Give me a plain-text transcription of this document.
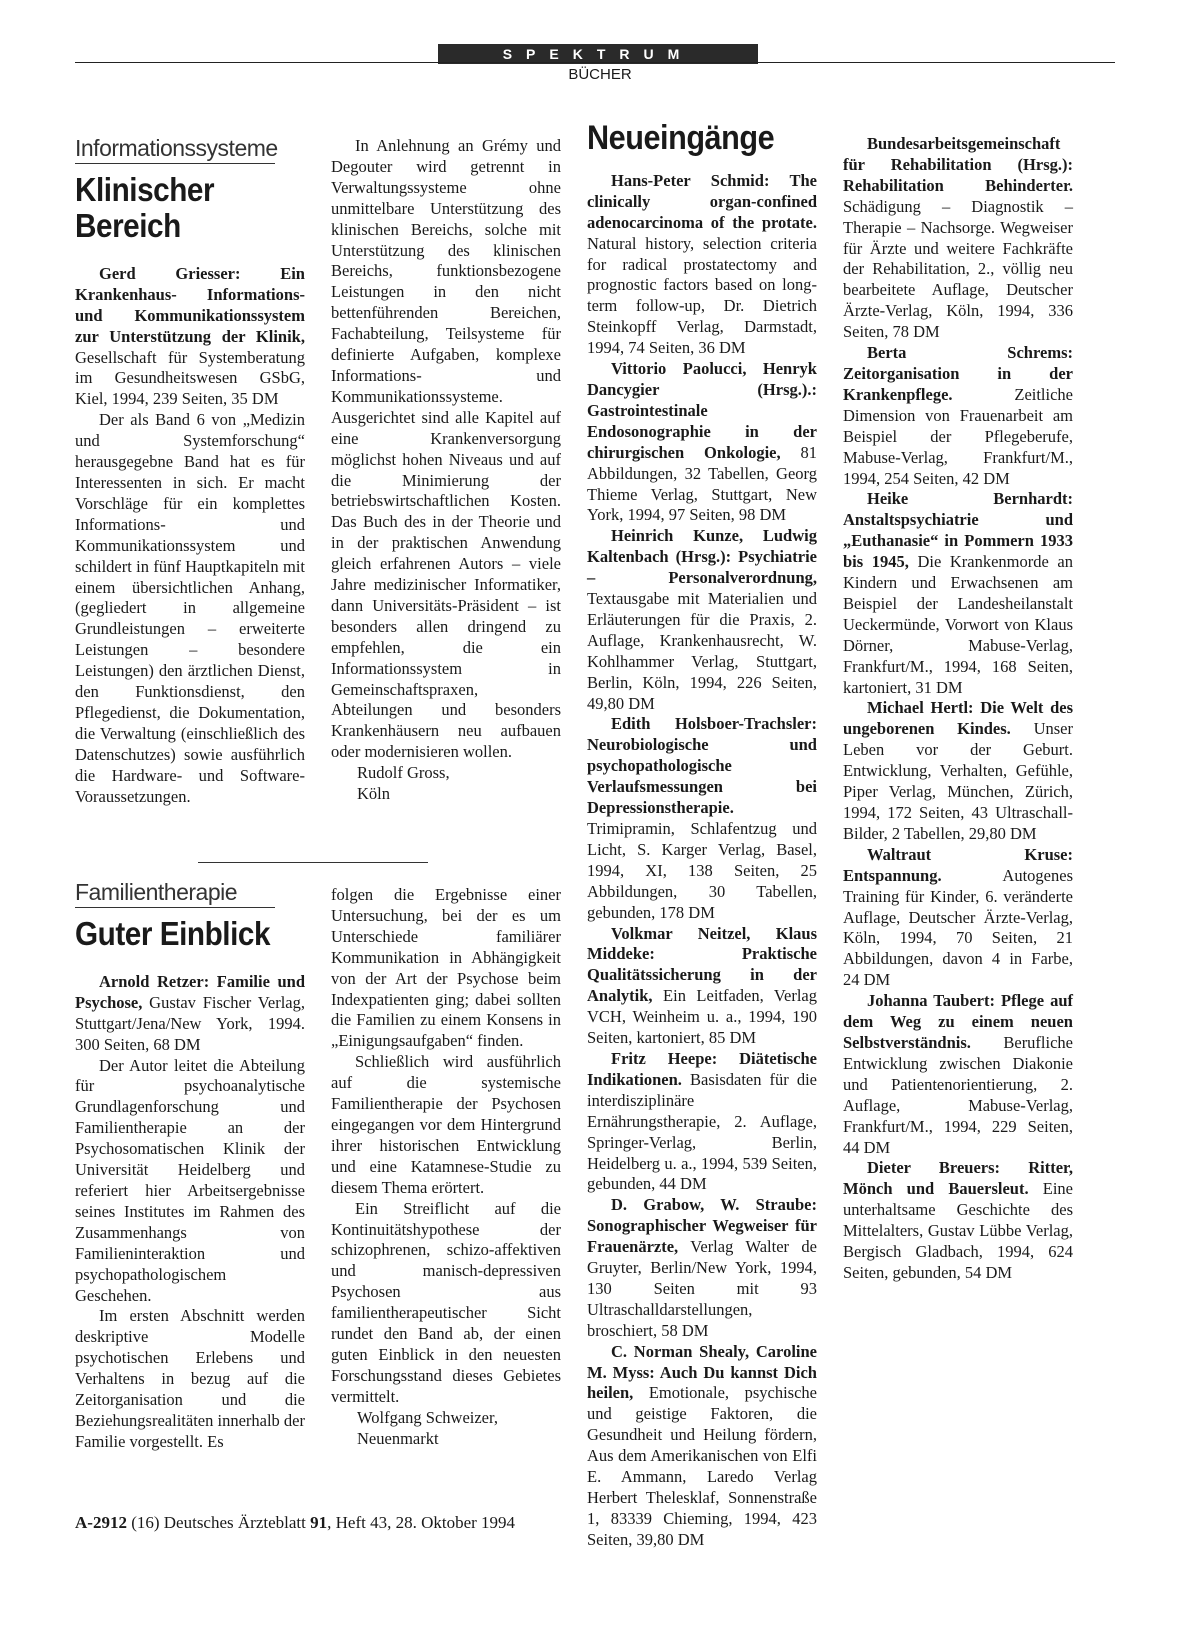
SPEKTRUM
BÜCHER
Informationssysteme
Klinischer
Bereich

Gerd Griesser: Ein Krankenhaus- Informations- und Kommunikationssystem zur Unterstützung der Klinik, Gesellschaft für Systemberatung im Gesundheitswesen GSbG, Kiel, 1994, 239 Seiten, 35 DM

Der als Band 6 von „Medizin und Systemforschung“ herausgegebne Band hat es für Interessenten in sich. Er macht Vorschläge für ein komplettes Informations- und Kommunikationssystem und schildert in fünf Hauptkapiteln mit einem übersichtlichen Anhang, (gegliedert in allgemeine Grundleistungen – erweiterte Leistungen – besondere Leistungen) den ärztlichen Dienst, den Funktionsdienst, den Pflegedienst, die Dokumentation, die Verwaltung (einschließlich des Datenschutzes) sowie ausführlich die Hardware- und Software-Voraussetzungen.

In Anlehnung an Grémy und Degouter wird getrennt in Verwaltungssysteme ohne unmittelbare Unterstützung des klinischen Bereichs, solche mit Unterstützung des klinischen Bereichs, funktionsbezogene Leistungen in den nicht bettenführenden Bereichen, Fachabteilung, Teilsysteme für definierte Aufgaben, komplexe Informations- und Kommunikationssysteme. Ausgerichtet sind alle Kapitel auf eine Krankenversorgung möglichst hohen Niveaus und auf die Minimierung der betriebswirtschaftlichen Kosten. Das Buch des in der Theorie und in der praktischen Anwendung gleich erfahrenen Autors – viele Jahre medizinischer Informatiker, dann Universitäts-Präsident – ist besonders allen dringend zu empfehlen, die ein Informationssystem in Gemeinschaftspraxen, Abteilungen und besonders Krankenhäusern neu aufbauen oder modernisieren wollen.

Rudolf Gross,

Köln

Familientherapie
Guter Einblick

Arnold Retzer: Familie und Psychose, Gustav Fischer Verlag, Stuttgart/Jena/New York, 1994. 300 Seiten, 68 DM

Der Autor leitet die Abteilung für psychoanalytische Grundlagenforschung und Familientherapie an der Psychosomatischen Klinik der Universität Heidelberg und referiert hier Arbeitsergebnisse seines Institutes im Rahmen des Zusammenhangs von Familieninteraktion und psychopathologischem Geschehen.

Im ersten Abschnitt werden deskriptive Modelle psychotischen Erlebens und Verhaltens in bezug auf die Zeitorganisation und die Beziehungsrealitäten innerhalb der Familie vorgestellt. Es

folgen die Ergebnisse einer Untersuchung, bei der es um Unterschiede familiärer Kommunikation in Abhängigkeit von der Art der Psychose beim Indexpatienten ging; dabei sollten die Familien zu einem Konsens in „Einigungsaufgaben“ finden.

Schließlich wird ausführlich auf die systemische Familientherapie der Psychosen eingegangen vor dem Hintergrund ihrer historischen Entwicklung und eine Katamnese-Studie zu diesem Thema erörtert.

Ein Streiflicht auf die Kontinuitätshypothese der schizophrenen, schizo-affektiven und manisch-depressiven Psychosen aus familientherapeutischer Sicht rundet den Band ab, der einen guten Einblick in den neuesten Forschungsstand dieses Gebietes vermittelt.

Wolfgang Schweizer,

Neuenmarkt

Neueingänge

Hans-Peter Schmid: The clinically organ-confined adenocarcinoma of the protate. Natural history, selection criteria for radical prostatectomy and prognostic factors based on long-term follow-up, Dr. Dietrich Steinkopff Verlag, Darmstadt, 1994, 74 Seiten, 36 DM

Vittorio Paolucci, Henryk Dancygier (Hrsg.).: Gastrointestinale Endosonographie in der chirurgischen Onkologie, 81 Abbildungen, 32 Tabellen, Georg Thieme Verlag, Stuttgart, New York, 1994, 97 Seiten, 98 DM

Heinrich Kunze, Ludwig Kaltenbach (Hrsg.): Psychiatrie – Personalverordnung, Textausgabe mit Materialien und Erläuterungen für die Praxis, 2. Auflage, Krankenhausrecht, W. Kohlhammer Verlag, Stuttgart, Berlin, Köln, 1994, 226 Seiten, 49,80 DM

Edith Holsboer-Trachsler: Neurobiologische und psychopathologische Verlaufsmessungen bei Depressionstherapie. Trimipramin, Schlafentzug und Licht, S. Karger Verlag, Basel, 1994, XI, 138 Seiten, 25 Abbildungen, 30 Tabellen, gebunden, 178 DM

Volkmar Neitzel, Klaus Middeke: Praktische Qualitätssicherung in der Analytik, Ein Leitfaden, Verlag VCH, Weinheim u. a., 1994, 190 Seiten, kartoniert, 85 DM

Fritz Heepe: Diätetische Indikationen. Basisdaten für die interdisziplinäre Ernährungstherapie, 2. Auflage, Springer-Verlag, Berlin, Heidelberg u. a., 1994, 539 Seiten, gebunden, 44 DM

D. Grabow, W. Straube: Sonographischer Wegweiser für Frauenärzte, Verlag Walter de Gruyter, Berlin/New York, 1994, 130 Seiten mit 93 Ultraschalldarstellungen, broschiert, 58 DM

C. Norman Shealy, Caroline M. Myss: Auch Du kannst Dich heilen, Emotionale, psychische und geistige Faktoren, die Gesundheit und Heilung fördern, Aus dem Amerikanischen von Elfi E. Ammann, Laredo Verlag Herbert Thelesklaf, Sonnenstraße 1, 83339 Chieming, 1994, 423 Seiten, 39,80 DM

Bundesarbeitsgemeinschaft für Rehabilitation (Hrsg.): Rehabilitation Behinderter. Schädigung – Diagnostik – Therapie – Nachsorge. Wegweiser für Ärzte und weitere Fachkräfte der Rehabilitation, 2., völlig neu bearbeitete Auflage, Deutscher Ärzte-Verlag, Köln, 1994, 336 Seiten, 78 DM

Berta Schrems: Zeitorganisation in der Krankenpflege. Zeitliche Dimension von Frauenarbeit am Beispiel der Pflegeberufe, Mabuse-Verlag, Frankfurt/M., 1994, 254 Seiten, 42 DM

Heike Bernhardt: Anstaltspsychiatrie und „Euthanasie“ in Pommern 1933 bis 1945, Die Krankenmorde an Kindern und Erwachsenen am Beispiel der Landesheilanstalt Ueckermünde, Vorwort von Klaus Dörner, Mabuse-Verlag, Frankfurt/M., 1994, 168 Seiten, kartoniert, 31 DM

Michael Hertl: Die Welt des ungeborenen Kindes. Unser Leben vor der Geburt. Entwicklung, Verhalten, Gefühle, Piper Verlag, München, Zürich, 1994, 172 Seiten, 43 Ultraschall-Bilder, 2 Tabellen, 29,80 DM

Waltraut Kruse: Entspannung. Autogenes Training für Kinder, 6. veränderte Auflage, Deutscher Ärzte-Verlag, Köln, 1994, 70 Seiten, 21 Abbildungen, davon 4 in Farbe, 24 DM

Johanna Taubert: Pflege auf dem Weg zu einem neuen Selbstverständnis. Berufliche Entwicklung zwischen Diakonie und Patientenorientierung, 2. Auflage, Mabuse-Verlag, Frankfurt/M., 1994, 229 Seiten, 44 DM

Dieter Breuers: Ritter, Mönch und Bauersleut. Eine unterhaltsame Geschichte des Mittelalters, Gustav Lübbe Verlag, Bergisch Gladbach, 1994, 624 Seiten, gebunden, 54 DM

A-2912 (16) Deutsches Ärzteblatt 91, Heft 43, 28. Oktober 1994
